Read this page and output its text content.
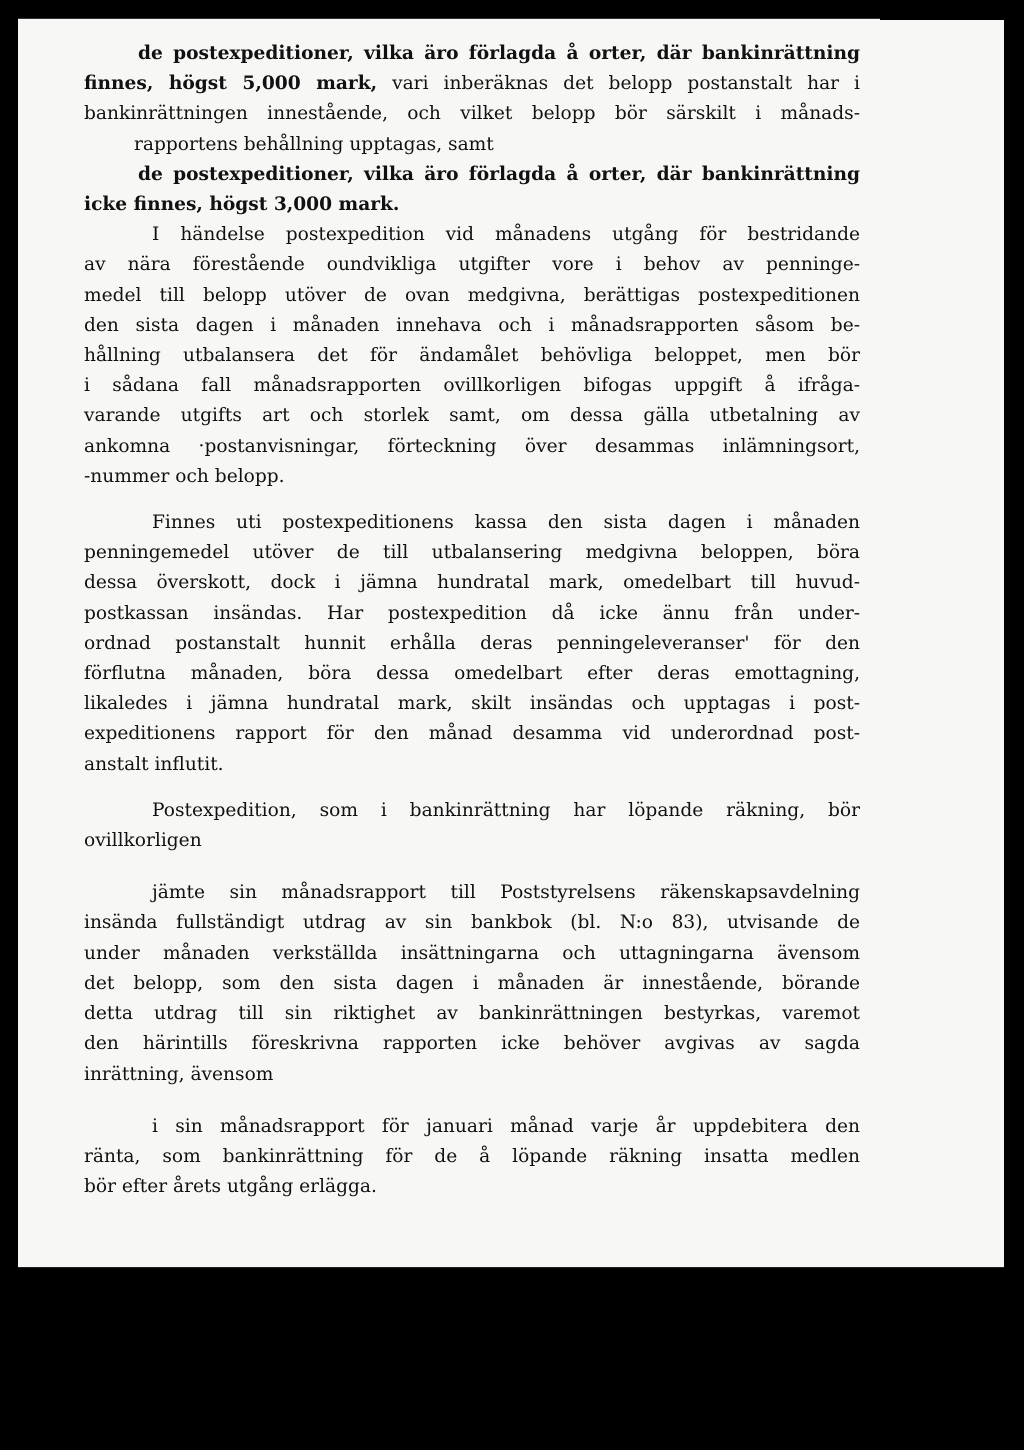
de postexpeditioner, vilka äro förlagda å orter, där bankinrättning
finnes, högst 5,000 mark, vari inberäknas det belopp postanstalt har i
bankinrättningen innestående, och vilket belopp bör särskilt i månads-
rapportens behållning upptagas, samt
de postexpeditioner, vilka äro förlagda å orter, där bankinrättning
icke finnes, högst 3,000 mark.
I händelse postexpedition vid månadens utgång för bestridande
av nära förestående oundvikliga utgifter vore i behov av penninge-
medel till belopp utöver de ovan medgivna, berättigas postexpeditionen
den sista dagen i månaden innehava och i månadsrapporten såsom be-
hållning utbalansera det för ändamålet behövliga beloppet, men bör
i sådana fall månadsrapporten ovillkorligen bifogas uppgift å ifråga-
varande utgifts art och storlek samt, om dessa gälla utbetalning av
ankomna ·postanvisningar, förteckning över desammas inlämningsort,
-nummer och belopp.
Finnes uti postexpeditionens kassa den sista dagen i månaden
penningemedel utöver de till utbalansering medgivna beloppen, böra
dessa överskott, dock i jämna hundratal mark, omedelbart till huvud-
postkassan insändas. Har postexpedition då icke ännu från under-
ordnad postanstalt hunnit erhålla deras penningeleveranser' för den
förflutna månaden, böra dessa omedelbart efter deras emottagning,
likaledes i jämna hundratal mark, skilt insändas och upptagas i post-
expeditionens rapport för den månad desamma vid underordnad post-
anstalt influtit.
Postexpedition, som i bankinrättning har löpande räkning, bör
ovillkorligen
jämte sin månadsrapport till Poststyrelsens räkenskapsavdelning
insända fullständigt utdrag av sin bankbok (bl. N:o 83), utvisande de
under månaden verkställda insättningarna och uttagningarna ävensom
det belopp, som den sista dagen i månaden är innestående, börande
detta utdrag till sin riktighet av bankinrättningen bestyrkas, varemot
den härintills föreskrivna rapporten icke behöver avgivas av sagda
inrättning, ävensom
i sin månadsrapport för januari månad varje år uppdebitera den
ränta, som bankinrättning för de å löpande räkning insatta medlen
bör efter årets utgång erlägga.
